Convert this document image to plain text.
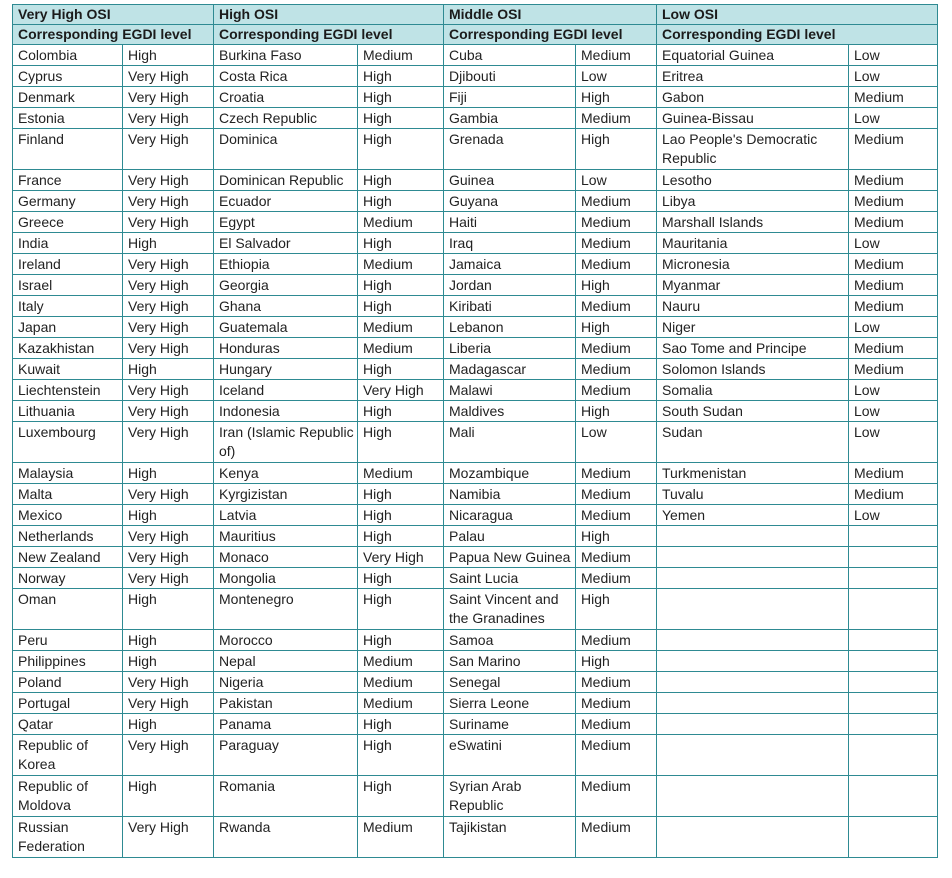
Very High OSI		High OSI		Middle OSI		Low OSI	
Corresponding EGDI level		Corresponding EGDI level		Corresponding EGDI level		Corresponding EGDI level	
Colombia	High	Burkina Faso	Medium	Cuba	Medium	Equatorial Guinea	Low
Cyprus	Very High	Costa Rica	High	Djibouti	Low	Eritrea	Low
Denmark	Very High	Croatia	High	Fiji	High	Gabon	Medium
Estonia	Very High	Czech Republic	High	Gambia	Medium	Guinea-Bissau	Low
Finland	Very High	Dominica	High	Grenada	High	Lao People's Democratic Republic	Medium
France	Very High	Dominican Republic	High	Guinea	Low	Lesotho	Medium
Germany	Very High	Ecuador	High	Guyana	Medium	Libya	Medium
Greece	Very High	Egypt	Medium	Haiti	Medium	Marshall Islands	Medium
India	High	El Salvador	High	Iraq	Medium	Mauritania	Low
Ireland	Very High	Ethiopia	Medium	Jamaica	Medium	Micronesia	Medium
Israel	Very High	Georgia	High	Jordan	High	Myanmar	Medium
Italy	Very High	Ghana	High	Kiribati	Medium	Nauru	Medium
Japan	Very High	Guatemala	Medium	Lebanon	High	Niger	Low
Kazakhistan	Very High	Honduras	Medium	Liberia	Medium	Sao Tome and Principe	Medium
Kuwait	High	Hungary	High	Madagascar	Medium	Solomon Islands	Medium
Liechtenstein	Very High	Iceland	Very High	Malawi	Medium	Somalia	Low
Lithuania	Very High	Indonesia	High	Maldives	High	South Sudan	Low
Luxembourg	Very High	Iran (Islamic Republic of)	High	Mali	Low	Sudan	Low
Malaysia	High	Kenya	Medium	Mozambique	Medium	Turkmenistan	Medium
Malta	Very High	Kyrgizistan	High	Namibia	Medium	Tuvalu	Medium
Mexico	High	Latvia	High	Nicaragua	Medium	Yemen	Low
Netherlands	Very High	Mauritius	High	Palau	High		
New Zealand	Very High	Monaco	Very High	Papua New Guinea	Medium		
Norway	Very High	Mongolia	High	Saint Lucia	Medium		
Oman	High	Montenegro	High	Saint Vincent and the Granadines	High		
Peru	High	Morocco	High	Samoa	Medium		
Philippines	High	Nepal	Medium	San Marino	High		
Poland	Very High	Nigeria	Medium	Senegal	Medium		
Portugal	Very High	Pakistan	Medium	Sierra Leone	Medium		
Qatar	High	Panama	High	Suriname	Medium		
Republic of Korea	Very High	Paraguay	High	eSwatini	Medium		
Republic of Moldova	High	Romania	High	Syrian Arab Republic	Medium		
Russian Federation	Very High	Rwanda	Medium	Tajikistan	Medium		
